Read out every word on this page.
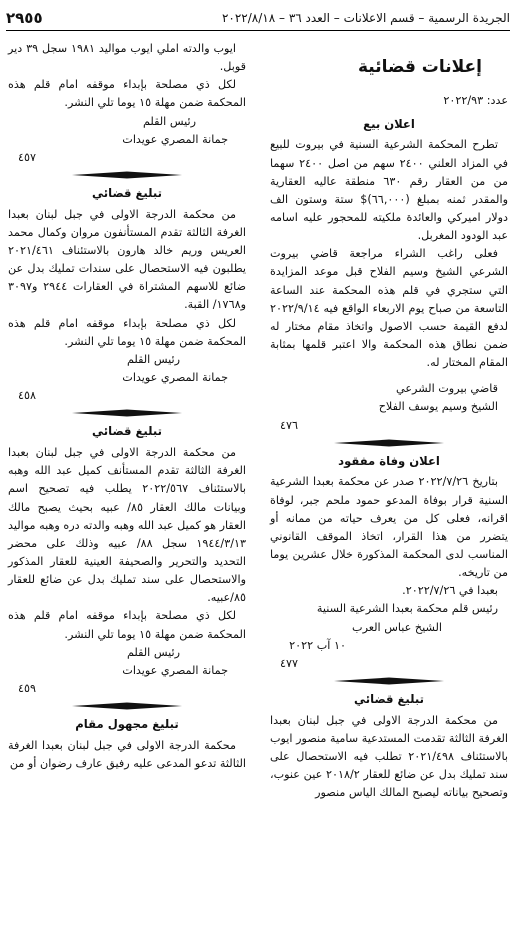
الجريدة الرسمية – قسم الاعلانات – العدد ٣٦ – ٢٠٢٢/٨/١٨
٢٩٥٥
إعلانات قضائية

عدد: ٢٠٢٢/٩٣

اعلان بيع

تطرح المحكمة الشرعية السنية في بيروت للبيع في المزاد العلني ٢٤٠٠ سهم من اصل ٢٤٠٠ سهما من من العقار رقم ٦٣٠ منطقة عاليه العقارية والمقدر ثمنه بمبلغ (٦٦,٠٠٠)$ ستة وستون الف دولار اميركي والعائدة ملكيته للمحجور عليه اسامه عبد الودود المغربل.

فعلى راغب الشراء مراجعة قاضي بيروت الشرعي الشيخ وسيم الفلاح قبل موعد المزايدة التي ستجري في قلم هذه المحكمة عند الساعة التاسعة من صباح يوم الاربعاء الواقع فيه ٢٠٢٢/٩/١٤ لدفع القيمة حسب الاصول واتخاذ مقام مختار له ضمن نطاق هذه المحكمة والا اعتبر قلمها بمثابة المقام المختار له.

قاضي بيروت الشرعي

الشيخ وسيم يوسف الفلاح

٤٧٦

اعلان وفاة مفقود

بتاريخ ٢٠٢٢/٧/٢٦ صدر عن محكمة بعبدا الشرعية السنية قرار بوفاة المدعو حمود ملحم جبر، لوفاة اقرانه، فعلى كل من يعرف حياته من ممانه أو يتضرر من هذا القرار، اتخاذ الموقف القانوني المناسب لدى المحكمة المذكورة خلال عشرين يوما من تاريخه.

بعبدا في ٢٠٢٢/٧/٢٦.

رئيس قلم محكمة بعبدا الشرعية السنية

الشيخ عباس العرب

١٠ آب ٢٠٢٢

٤٧٧

تبليغ قضائي

من محكمة الدرجة الاولى في جبل لبنان بعبدا الغرفة الثالثة تقدمت المستدعية سامية منصور ايوب بالاستئناف ٢٠٢١/٤٩٨ تطلب فيه الاستحصال على سند تمليك بدل عن ضائع للعقار ٢٠١٨/٢ عين عنوب، وتصحيح بياناته ليصبح المالك الياس منصور

ايوب والدته املي ايوب مواليد ١٩٨١ سجل ٣٩ دير قوبل.

لكل ذي مصلحة بإبداء موقفه امام قلم هذه المحكمة ضمن مهلة ١٥ يوما تلي النشر.

رئيس القلم

جمانة المصري عويدات

٤٥٧

تبليغ قضائي

من محكمة الدرجة الاولى في جبل لبنان بعبدا الغرفة الثالثة تقدم المستأنفون مروان وكمال محمد العريس وريم خالد هارون بالاستئناف ٢٠٢١/٤٦١ يطلبون فيه الاستحصال على سندات تمليك بدل عن ضائع للاسهم المشتراة في العقارات ٢٩٤٤ و٣٠٩٧ و١٧٦٨/ القبة.

لكل ذي مصلحة بإبداء موقفه امام قلم هذه المحكمة ضمن مهلة ١٥ يوما تلي النشر.

رئيس القلم

جمانة المصري عويدات

٤٥٨

تبليغ قضائي

من محكمة الدرجة الاولى في جبل لبنان بعبدا الغرفة الثالثة تقدم المستأنف كميل عبد الله وهبه بالاستئناف ٢٠٢٢/٥٦٧ يطلب فيه تصحيح اسم وبيانات مالك العقار ٨٥/ عبيه بحيث يصبح مالك العقار هو كميل عبد الله وهبه والدته دره وهبه مواليد ١٩٤٤/٣/١٣ سجل ٨٨/ عبيه وذلك على محضر التحديد والتحرير والصحيفة العينية للعقار المذكور والاستحصال على سند تمليك بدل عن ضائع للعقار ٨٥/عبيه.

لكل ذي مصلحة بإبداء موقفه امام قلم هذه المحكمة ضمن مهلة ١٥ يوما تلي النشر.

رئيس القلم

جمانة المصري عويدات

٤٥٩

تبليغ مجهول مقام

محكمة الدرجة الاولى في جبل لبنان بعبدا الغرفة الثالثة تدعو المدعى عليه رفيق عارف رضوان أو من
